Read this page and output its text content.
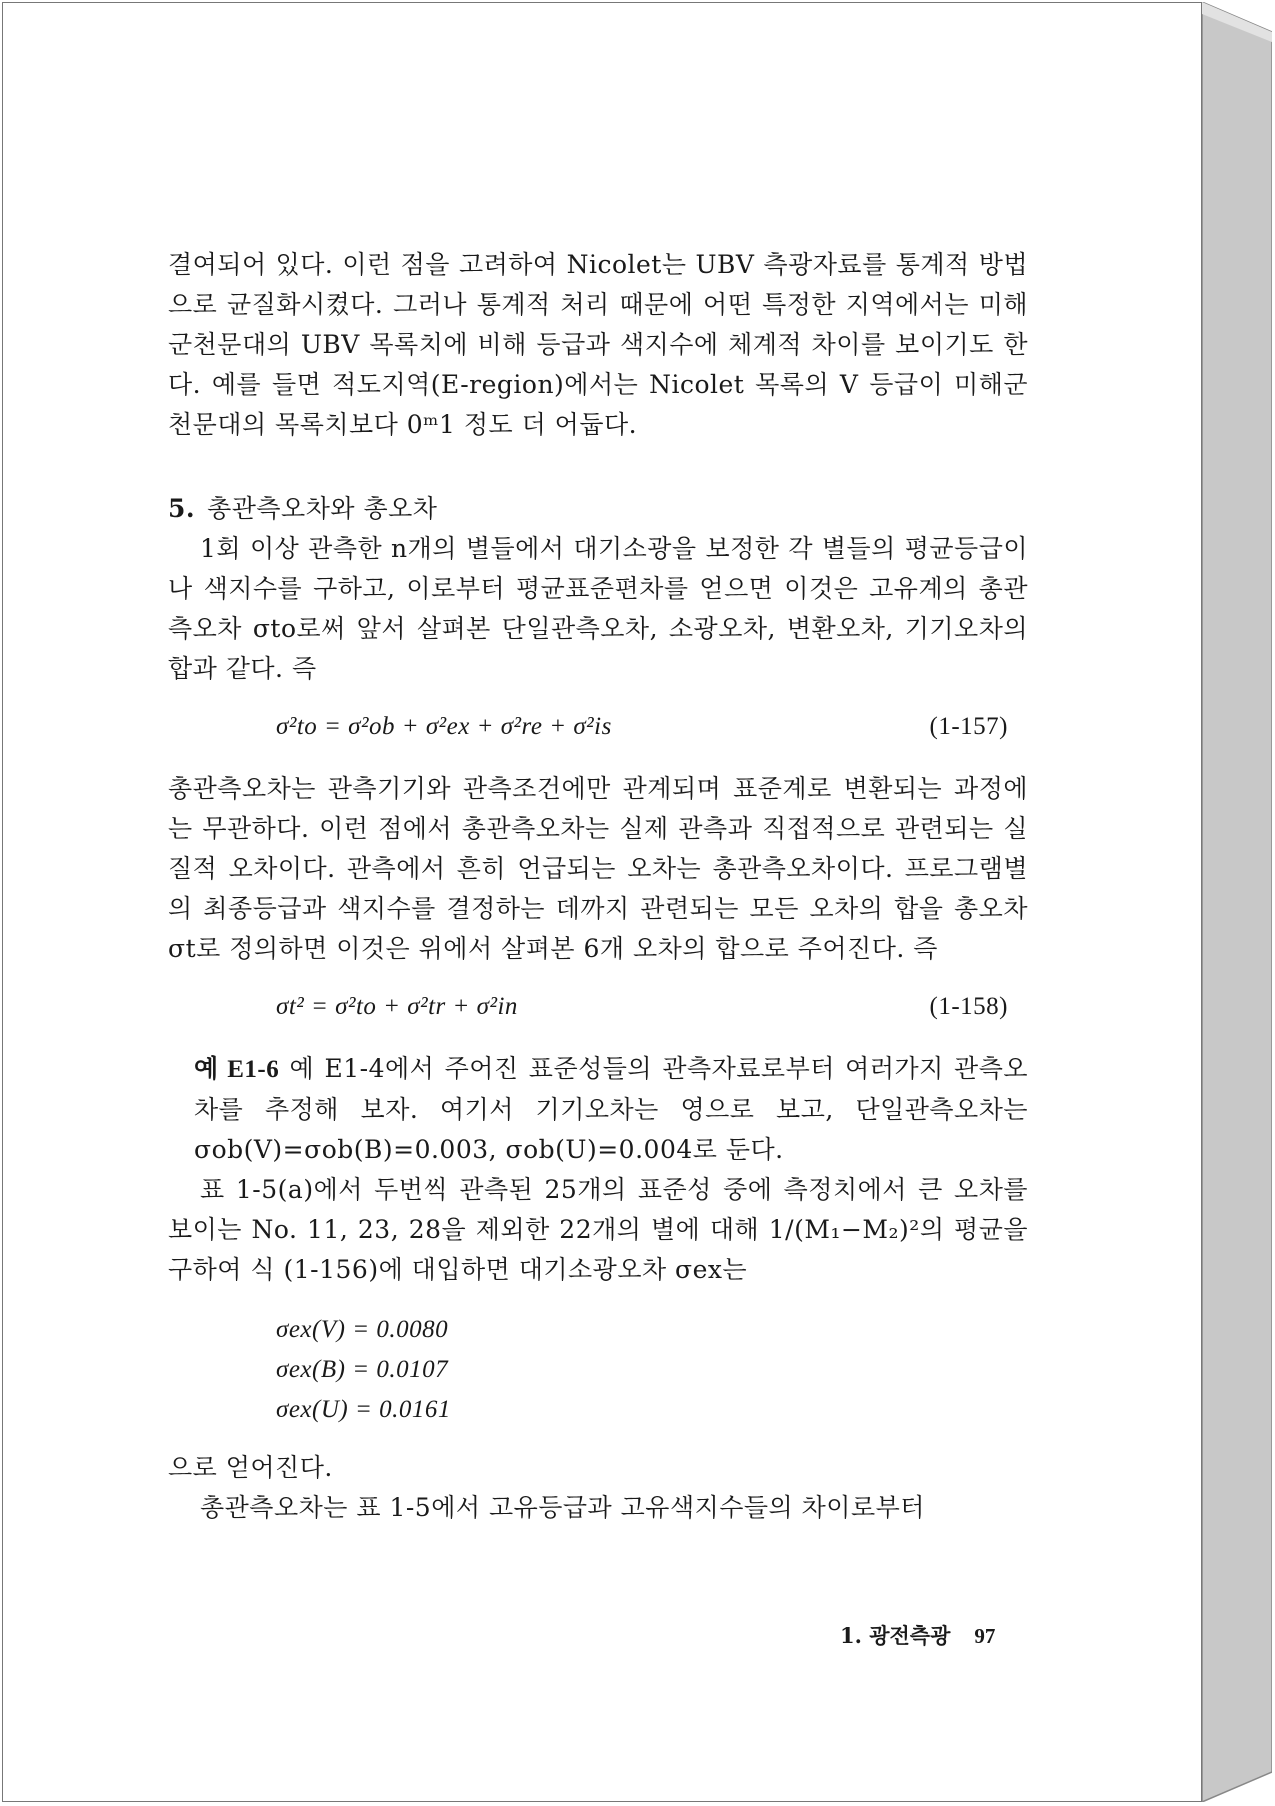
결여되어 있다. 이런 점을 고려하여 Nicolet는 UBV 측광자료를 통계적 방법으로 균질화시켰다. 그러나 통계적 처리 때문에 어떤 특정한 지역에서는 미해군천문대의 UBV 목록치에 비해 등급과 색지수에 체계적 차이를 보이기도 한다. 예를 들면 적도지역(E-region)에서는 Nicolet 목록의 V 등급이 미해군천문대의 목록치보다 0ᵐ1 정도 더 어둡다.

5. 총관측오차와 총오차

1회 이상 관측한 n개의 별들에서 대기소광을 보정한 각 별들의 평균등급이나 색지수를 구하고, 이로부터 평균표준편차를 얻으면 이것은 고유계의 총관측오차 σto로써 앞서 살펴본 단일관측오차, 소광오차, 변환오차, 기기오차의 합과 같다. 즉

σ²to = σ²ob + σ²ex + σ²re + σ²is	(1-157)

총관측오차는 관측기기와 관측조건에만 관계되며 표준계로 변환되는 과정에는 무관하다. 이런 점에서 총관측오차는 실제 관측과 직접적으로 관련되는 실질적 오차이다. 관측에서 흔히 언급되는 오차는 총관측오차이다. 프로그램별의 최종등급과 색지수를 결정하는 데까지 관련되는 모든 오차의 합을 총오차 σt로 정의하면 이것은 위에서 살펴본 6개 오차의 합으로 주어진다. 즉

σt² = σ²to + σ²tr + σ²in	(1-158)

예 E1-6 예 E1-4에서 주어진 표준성들의 관측자료로부터 여러가지 관측오차를 추정해 보자. 여기서 기기오차는 영으로 보고, 단일관측오차는 σob(V)=σob(B)=0.003, σob(U)=0.004로 둔다.

표 1-5(a)에서 두번씩 관측된 25개의 표준성 중에 측정치에서 큰 오차를 보이는 No. 11, 23, 28을 제외한 22개의 별에 대해 1/(M₁−M₂)²의 평균을 구하여 식 (1-156)에 대입하면 대기소광오차 σex는

σex(V) = 0.0080
σex(B) = 0.0107
σex(U) = 0.0161

으로 얻어진다.

총관측오차는 표 1-5에서 고유등급과 고유색지수들의 차이로부터

1. 광전측광 97
